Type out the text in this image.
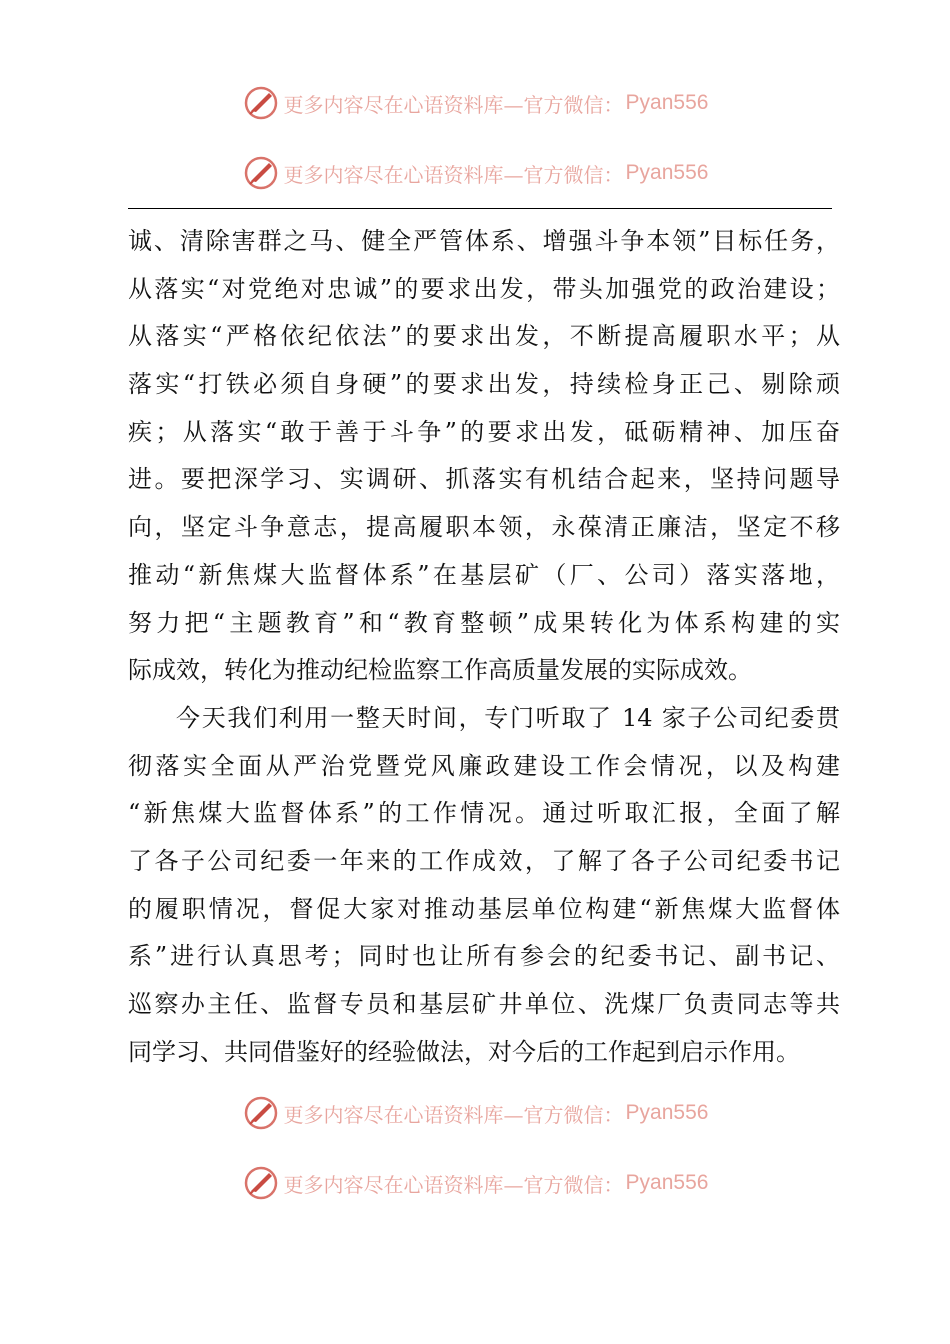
更多内容尽在心语资料库—官方微信： Pyan556
更多内容尽在心语资料库—官方微信： Pyan556

诚、清除害群之马、健全严管体系、增强斗争本领”目标任务，
从落实“对党绝对忠诚”的要求出发，带头加强党的政治建设；
从落实“严格依纪依法”的要求出发，不断提高履职水平；从
落实“打铁必须自身硬”的要求出发，持续检身正己、剔除顽
疾；从落实“敢于善于斗争”的要求出发，砥砺精神、加压奋
进。要把深学习、实调研、抓落实有机结合起来，坚持问题导
向，坚定斗争意志，提高履职本领，永葆清正廉洁，坚定不移
推动“新焦煤大监督体系”在基层矿（厂、公司）落实落地，
努力把“主题教育”和“教育整顿”成果转化为体系构建的实
际成效，转化为推动纪检监察工作高质量发展的实际成效。

今天我们利用一整天时间，专门听取了 14 家子公司纪委贯
彻落实全面从严治党暨党风廉政建设工作会情况，以及构建
“新焦煤大监督体系”的工作情况。通过听取汇报，全面了解
了各子公司纪委一年来的工作成效，了解了各子公司纪委书记
的履职情况，督促大家对推动基层单位构建“新焦煤大监督体
系”进行认真思考；同时也让所有参会的纪委书记、副书记、
巡察办主任、监督专员和基层矿井单位、洗煤厂负责同志等共
同学习、共同借鉴好的经验做法，对今后的工作起到启示作用。

更多内容尽在心语资料库—官方微信： Pyan556
更多内容尽在心语资料库—官方微信： Pyan556
